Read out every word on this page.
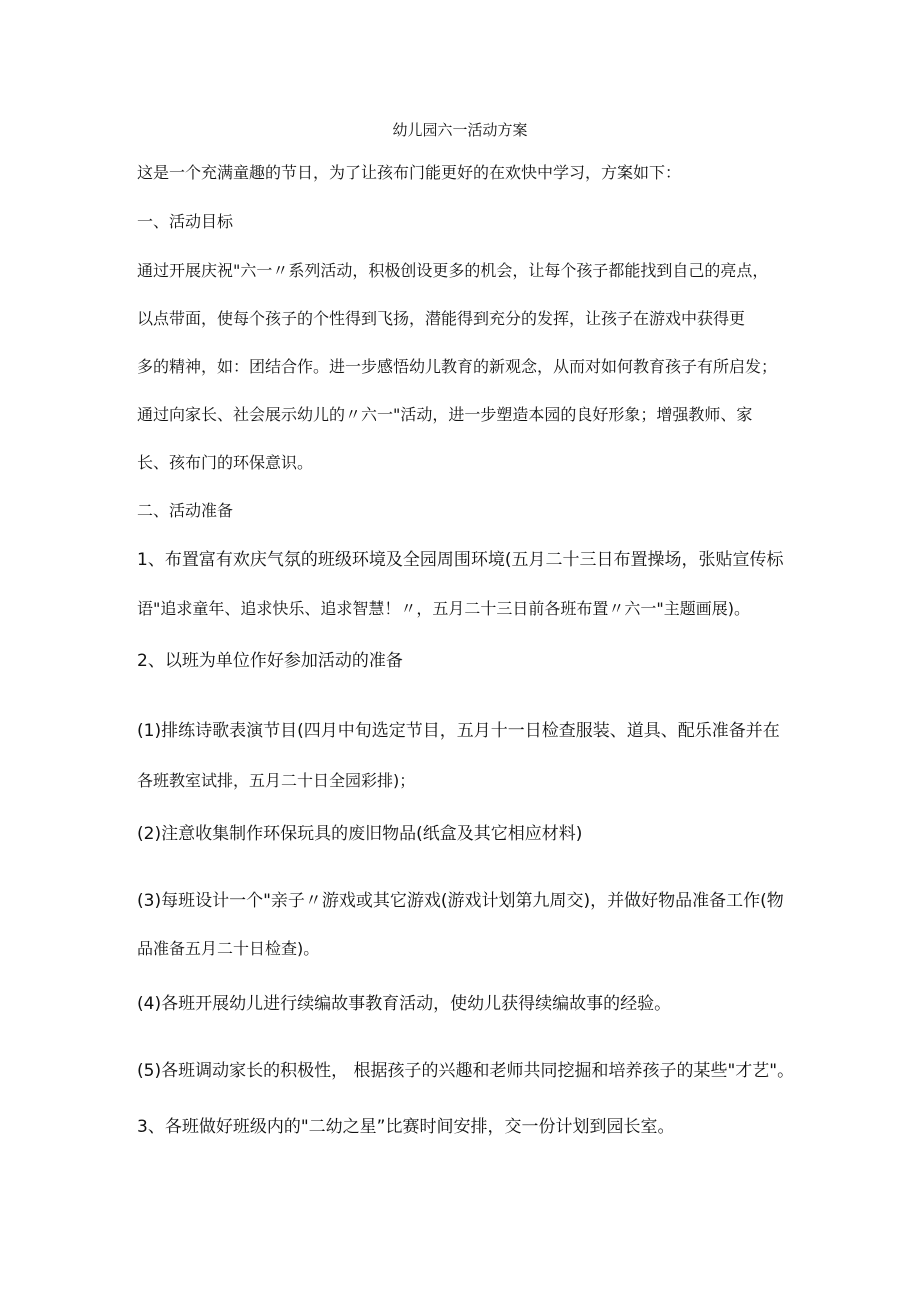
幼儿园六一活动方案
这是一个充满童趣的节日，为了让孩布门能更好的在欢快中学习，方案如下：
一、活动目标
通过开展庆祝"六一〃系列活动，积极创设更多的机会，让每个孩子都能找到自己的亮点，
以点带面，使每个孩子的个性得到飞扬，潜能得到充分的发挥，让孩子在游戏中获得更
多的精神，如：团结合作。进一步感悟幼儿教育的新观念，从而对如何教育孩子有所启发；
通过向家长、社会展示幼儿的〃六一"活动，进一步塑造本园的良好形象；增强教师、家
长、孩布门的环保意识。
二、活动准备
1、布置富有欢庆气氛的班级环境及全园周围环境(五月二十三日布置操场，张贴宣传标
语"追求童年、追求快乐、追求智慧！〃，五月二十三日前各班布置〃六一"主题画展)。
2、以班为单位作好参加活动的准备
(1)排练诗歌表演节目(四月中旬选定节目，五月十一日检查服装、道具、配乐准备并在
各班教室试排，五月二十日全园彩排)；
(2)注意收集制作环保玩具的废旧物品(纸盒及其它相应材料)
(3)每班设计一个"亲子〃游戏或其它游戏(游戏计划第九周交)，并做好物品准备工作(物
品准备五月二十日检查)。
(4)各班开展幼儿进行续编故事教育活动，使幼儿获得续编故事的经验。
(5)各班调动家长的积极性， 根据孩子的兴趣和老师共同挖掘和培养孩子的某些"才艺"。
3、各班做好班级内的"二幼之星”比赛时间安排，交一份计划到园长室。
